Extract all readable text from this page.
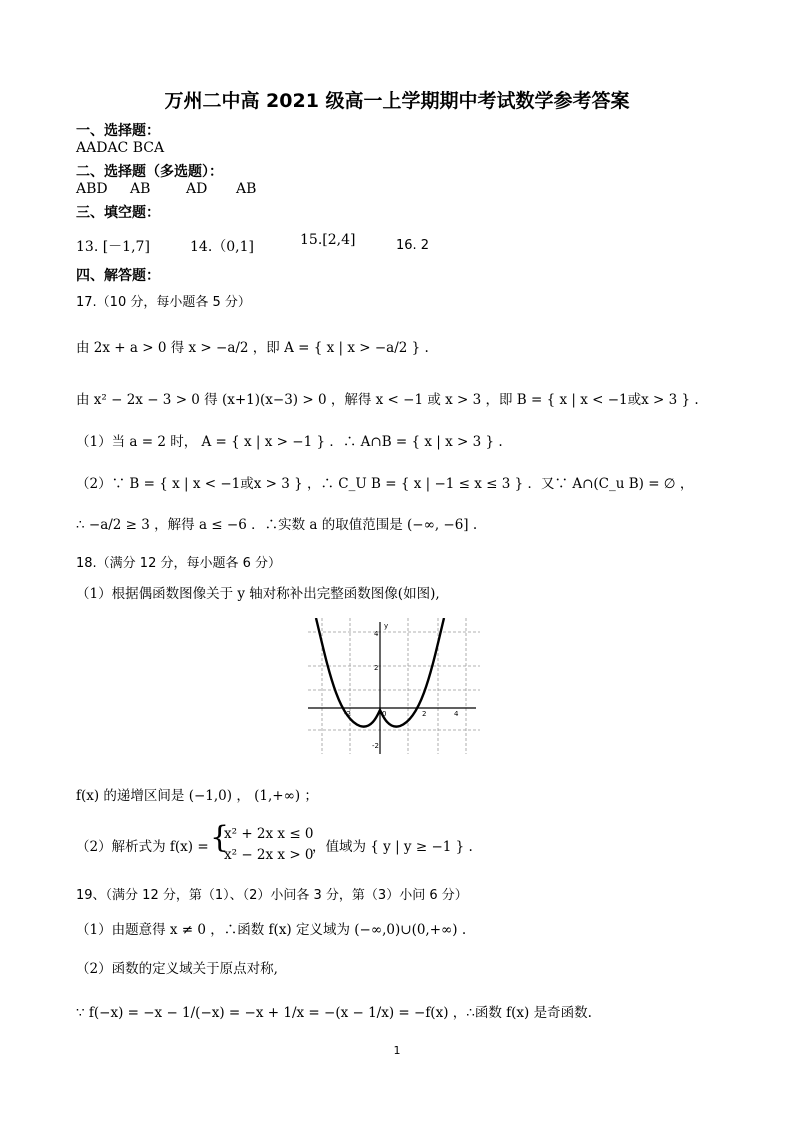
万州二中高 2021 级高一上学期期中考试数学参考答案
一、选择题：
AADAC BCA
二、选择题（多选题）：
ABD AB	AD AB
三、填空题：
13. [－1,7]	14.（0,1]	15.[2,4]	16. 2
四、解答题：
17.（10 分，每小题各 5 分）
由 2x + a > 0 得 x > −a/2 ，即 A = { x | x > −a/2 } .
由 x² − 2x − 3 > 0 得 (x+1)(x−3) > 0 ，解得 x < −1 或 x > 3 ，即 B = { x | x < −1或x > 3 } .
（1）当 a = 2 时， A = { x | x > −1 } ．∴ A∩B = { x | x > 3 } .
（2）∵ B = { x | x < −1或x > 3 } ，∴ C_U B = { x | −1 ≤ x ≤ 3 } ．又∵ A∩(C_u B) = ∅ ，
∴ −a/2 ≥ 3 ，解得 a ≤ −6 ．∴实数 a 的取值范围是 (−∞, −6] .
18.（满分 12 分，每小题各 6 分）
（1）根据偶函数图像关于 y 轴对称补出完整函数图像(如图),
4
2
-2	0	2	4
-2
y
f(x) 的递增区间是 (−1,0) ， (1,+∞) ；
（2）解析式为 f(x) = {
x² + 2x x ≤ 0
x² − 2x x > 0
，值域为 { y | y ≥ −1 } .
19、（满分 12 分，第（1）、（2）小问各 3 分，第（3）小问 6 分）
（1）由题意得 x ≠ 0 ，∴函数 f(x) 定义域为 (−∞,0)∪(0,+∞) .
（2）函数的定义域关于原点对称,
∵ f(−x) = −x − 1/(−x) = −x + 1/x = −(x − 1/x) = −f(x) ，∴函数 f(x) 是奇函数.
1
